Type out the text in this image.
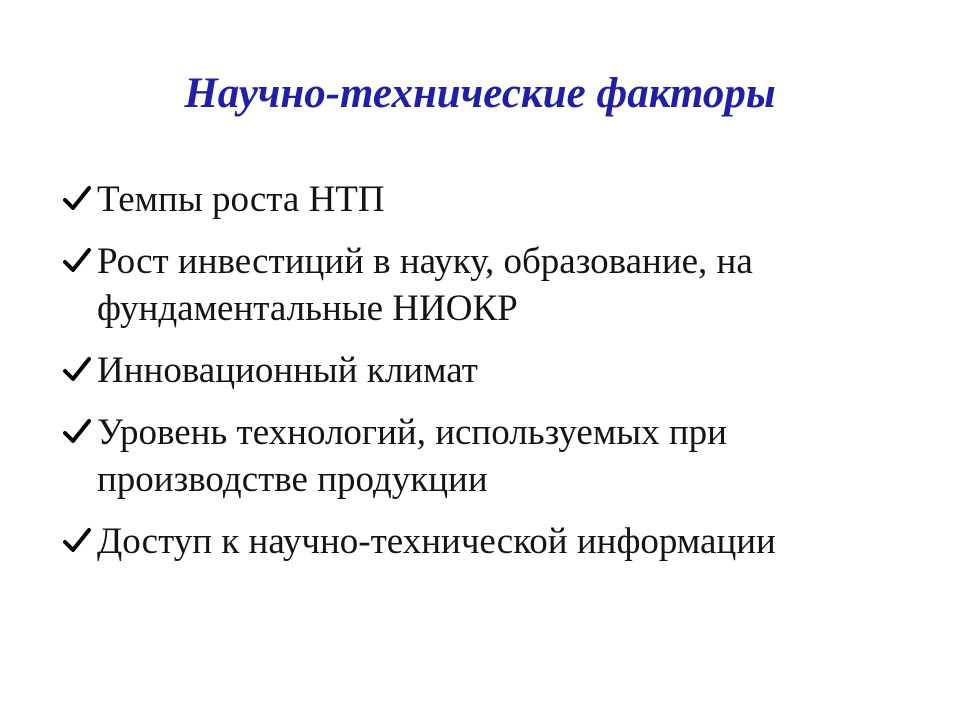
Научно-технические факторы
Темпы роста НТП
Рост инвестиций в науку, образование, на фундаментальные НИОКР
Инновационный климат
Уровень технологий, используемых при производстве продукции
Доступ к научно-технической информации
